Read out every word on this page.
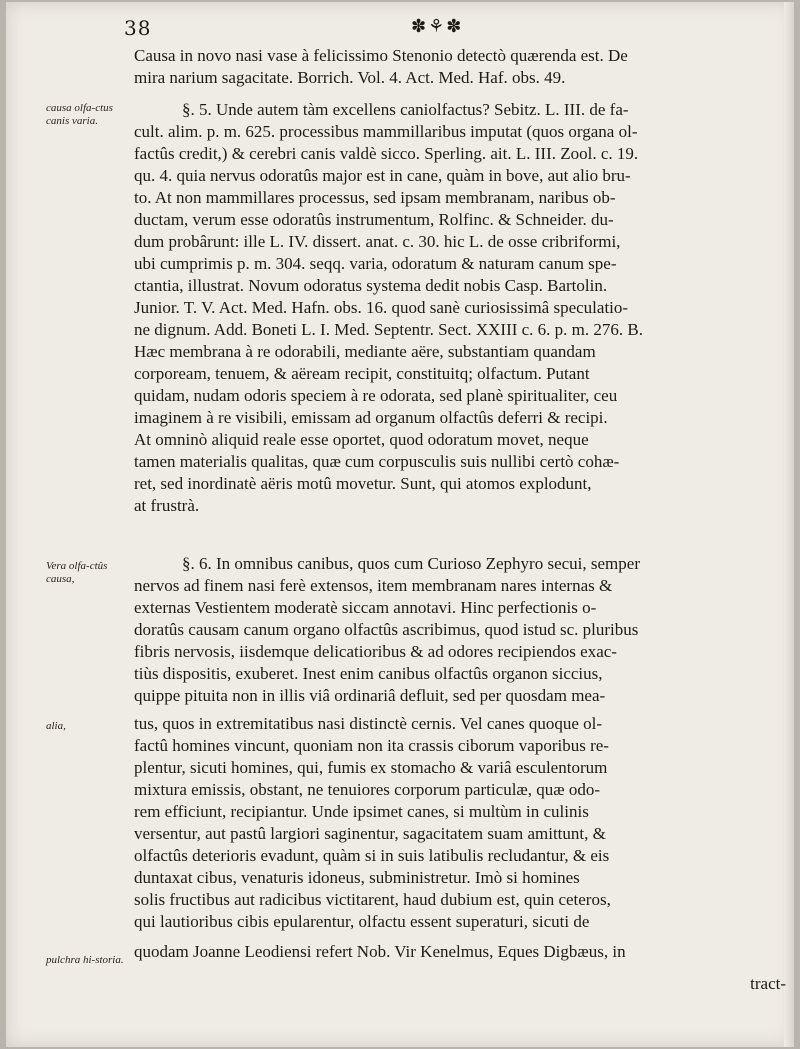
38	✽⚘✽
causa olfa-ctus canis varia.
Vera olfa-ctûs causa,
alia,
pulchra hi-storia.
Causa in novo nasi vase à felicissimo Stenonio detectò quærenda est. De
mira narium sagacitate. Borrich. Vol. 4. Act. Med. Haf. obs. 49.
§. 5. Unde autem tàm excellens caniolfactus? Sebitz. L. III. de fa-
cult. alim. p. m. 625. processibus mammillaribus imputat (quos organa ol-
factûs credit,) & cerebri canis valdè sicco. Sperling. ait. L. III. Zool. c. 19.
qu. 4. quia nervus odoratûs major est in cane, quàm in bove, aut alio bru-
to. At non mammillares processus, sed ipsam membranam, naribus ob-
ductam, verum esse odoratûs instrumentum, Rolfinc. & Schneider. du-
dum probârunt: ille L. IV. dissert. anat. c. 30. hic L. de osse cribriformi,
ubi cumprimis p. m. 304. seqq. varia, odoratum & naturam canum spe-
ctantia, illustrat. Novum odoratus systema dedit nobis Casp. Bartolin.
Junior. T. V. Act. Med. Hafn. obs. 16. quod sanè curiosissimâ speculatio-
ne dignum. Add. Boneti L. I. Med. Septentr. Sect. XXIII c. 6. p. m. 276. B.
Hæc membrana à re odorabili, mediante aëre, substantiam quandam
corpoream, tenuem, & aëream recipit, constituitq; olfactum. Putant
quidam, nudam odoris speciem à re odorata, sed planè spiritualiter, ceu
imaginem à re visibili, emissam ad organum olfactûs deferri & recipi.
At omninò aliquid reale esse oportet, quod odoratum movet, neque
tamen materialis qualitas, quæ cum corpusculis suis nullibi certò cohæ-
ret, sed inordinatè aëris motû movetur. Sunt, qui atomos explodunt,
at frustrà.
§. 6. In omnibus canibus, quos cum Curioso Zephyro secui, semper
nervos ad finem nasi ferè extensos, item membranam nares internas &
externas Vestientem moderatè siccam annotavi. Hinc perfectionis o-
doratûs causam canum organo olfactûs ascribimus, quod istud sc. pluribus
fibris nervosis, iisdemque delicatioribus & ad odores recipiendos exac-
tiùs dispositis, exuberet. Inest enim canibus olfactûs organon siccius,
quippe pituita non in illis viâ ordinariâ defluit, sed per quosdam mea-
tus, quos in extremitatibus nasi distinctè cernis. Vel canes quoque ol-
factû homines vincunt, quoniam non ita crassis ciborum vaporibus re-
plentur, sicuti homines, qui, fumis ex stomacho & variâ esculentorum
mixtura emissis, obstant, ne tenuiores corporum particulæ, quæ odo-
rem efficiunt, recipiantur. Unde ipsimet canes, si multùm in culinis
versentur, aut pastû largiori saginentur, sagacitatem suam amittunt, &
olfactûs deterioris evadunt, quàm si in suis latibulis recludantur, & eis
duntaxat cibus, venaturis idoneus, subministretur. Imò si homines
solis fructibus aut radicibus victitarent, haud dubium est, quin ceteros,
qui lautioribus cibis epularentur, olfactu essent superaturi, sicuti de
quodam Joanne Leodiensi refert Nob. Vir Kenelmus, Eques Digbæus, in
tract-
